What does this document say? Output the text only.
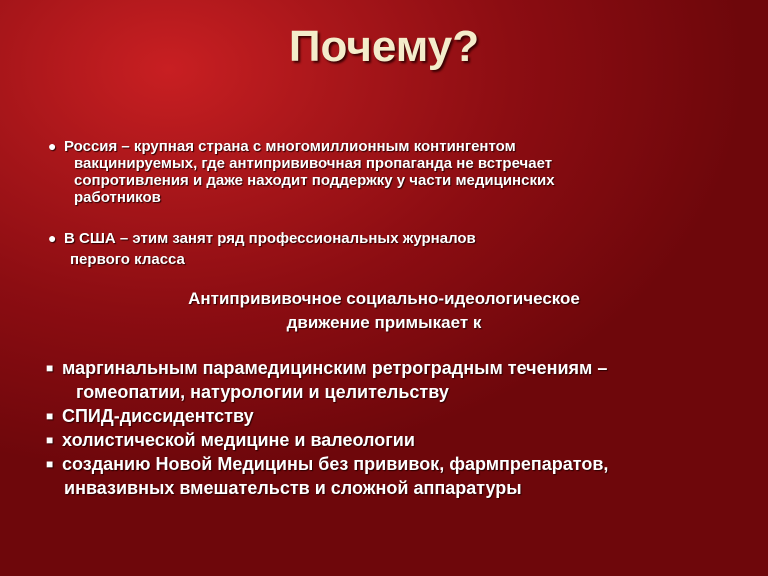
Почему?
● Россия – крупная страна с многомиллионным контингентом
вакцинируемых, где антипрививочная пропаганда не встречает
сопротивления и даже находит поддержку у части медицинских
работников
● В США – этим занят ряд профессиональных журналов
первого класса
Антипрививочное социально-идеологическое
движение примыкает к
■ маргинальным парамедицинским ретроградным течениям –
гомеопатии, натурологии и целительству
■ СПИД-диссидентству
■ холистической медицине и валеологии
■ созданию Новой Медицины без прививок, фармпрепаратов,
инвазивных вмешательств и сложной аппаратуры
